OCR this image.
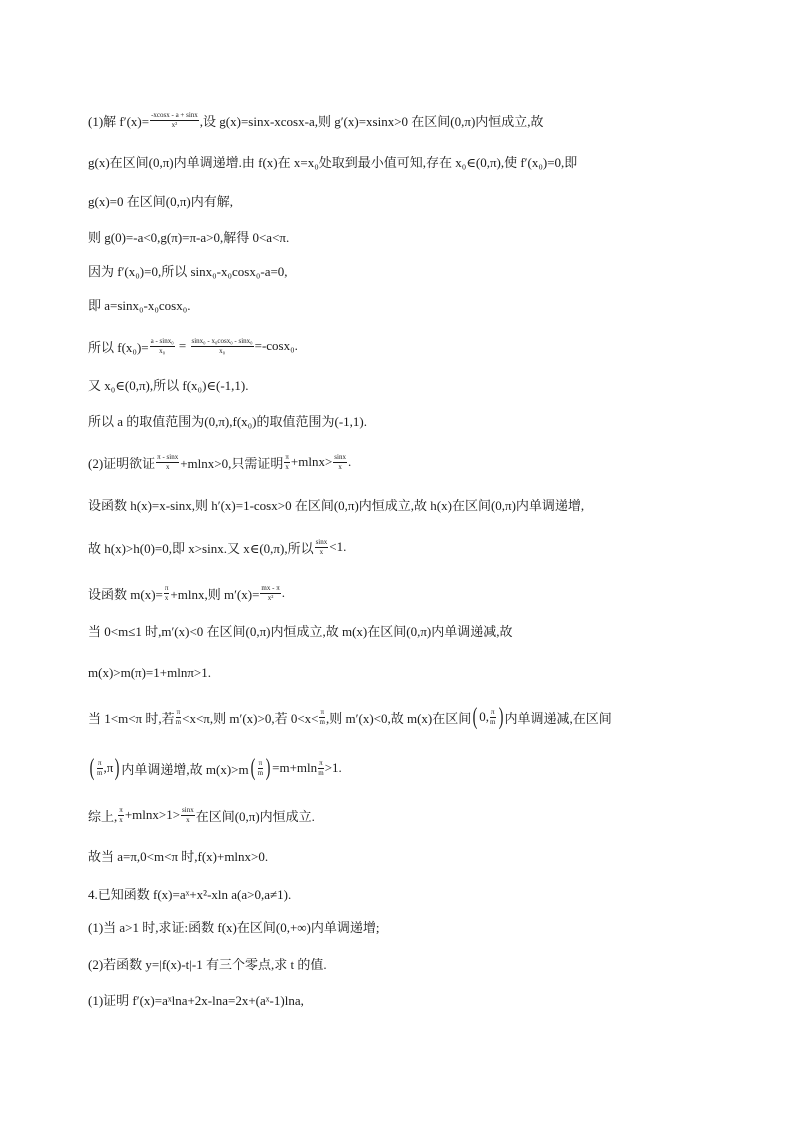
(1)解 $f'(x)= \frac{-xcosx - a + \sin x}{\text{x²}}$ ,设 g(x)=sinx-xcosx-a,则 g′(x)=xsinx>0 在区间(0,π)内恒成立,故
g(x)在区间(0,π)内单调递增.由 f(x)在 x=x₀处取到最小值可知,存在 x₀∈(0,π),使 f′(x₀)=0,即
g(x)=0 在区间(0,π)内有解,
则 g(0)=-a<0,g(π)=π-a>0,解得 0<a<π.
因为 f′(x₀)=0,所以 sinx₀-x₀cosx₀-a=0,
即 a=sinx₀-x₀cosx₀.
所以 $f(x_0)= \frac{\text{a - sinx₀}}{\text{x₀}} = \frac{\text{sinx₀ - x₀cosx₀ - sinx₀}}{\text{x₀}} =-\cos x_0$.
又 x₀∈(0,π),所以 f(x₀)∈(-1,1).
所以 a 的取值范围为(0,π),f(x₀)的取值范围为(-1,1).
(2)证明欲证 $\frac{\pi - \sin x}{x} +mlnx>0$,只需证明 $\frac{\pi}{x} +mlnx> \frac{\sin x}{x}$ .
设函数 h(x)=x-sinx,则 h′(x)=1-cosx>0 在区间(0,π)内恒成立,故 h(x)在区间(0,π)内单调递增,
故 h(x)>h(0)=0,即 x>sinx.又 x∈(0,π),所以 $\frac{\sin x}{x} <1$.
设函数 $m(x)= \frac{\pi}{x} +mlnx$,则 $m'(x)= \frac{mx - \pi}{\text{x²}}$ .
当 0<m≤1 时,m′(x)<0 在区间(0,π)内恒成立,故 m(x)在区间(0,π)内单调递减,故
m(x)>m(π)=1+mlnπ>1.
当 1<m<π 时,若 $\frac{\pi}{m} <x<\pi$,则 m′(x)>0,若 $0<x< \frac{\pi}{m}$ ,则 m′(x)<0,故 m(x)在区间 ( 0, $\frac{\pi}{m}$ ) 内单调递减,在区间
( $\frac{\pi}{m} ,\pi$ ) 内单调递增,故 m(x)>m ( $\frac{\pi}{m}$ ) $=m+mln \frac{\pi}{m} >1$.
综上, $\frac{\pi}{x} +mlnx>1> \frac{\sin x}{x}$ 在区间(0,π)内恒成立.
故当 a=π,0<m<π 时,f(x)+mlnx>0.
4.已知函数 f(x)=aˣ+x²-xln a(a>0,a≠1).
(1)当 a>1 时,求证:函数 f(x)在区间(0,+∞)内单调递增;
(2)若函数 y=|f(x)-t|-1 有三个零点,求 t 的值.
(1)证明 f′(x)=aˣlna+2x-lna=2x+(aˣ-1)lna,
